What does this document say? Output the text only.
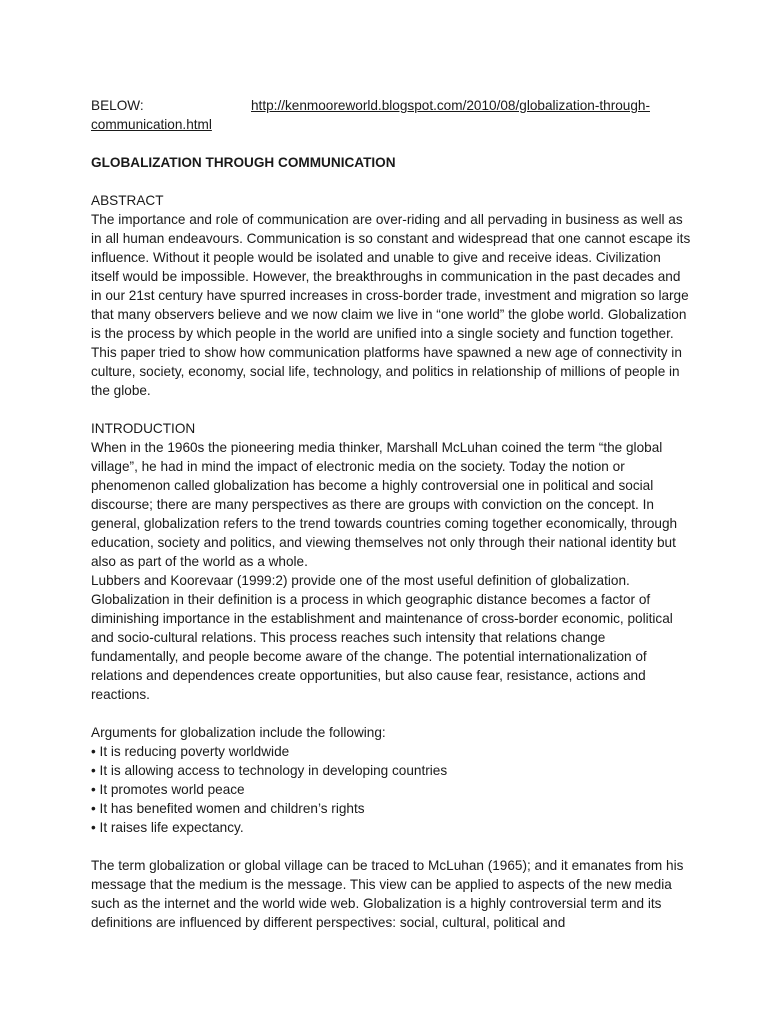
BELOW:	http://kenmooreworld.blogspot.com/2010/08/globalization-through-communication.html

GLOBALIZATION THROUGH COMMUNICATION

ABSTRACT

The importance and role of communication are over-riding and all pervading in business as well as in all human endeavours. Communication is so constant and widespread that one cannot escape its influence. Without it people would be isolated and unable to give and receive ideas. Civilization itself would be impossible. However, the breakthroughs in communication in the past decades and in our 21st century have spurred increases in cross-border trade, investment and migration so large that many observers believe and we now claim we live in “one world” the globe world. Globalization is the process by which people in the world are unified into a single society and function together. This paper tried to show how communication platforms have spawned a new age of connectivity in culture, society, economy, social life, technology, and politics in relationship of millions of people in the globe.

INTRODUCTION

When in the 1960s the pioneering media thinker, Marshall McLuhan coined the term “the global village”, he had in mind the impact of electronic media on the society. Today the notion or phenomenon called globalization has become a highly controversial one in political and social discourse; there are many perspectives as there are groups with conviction on the concept. In general, globalization refers to the trend towards countries coming together economically, through education, society and politics, and viewing themselves not only through their national identity but also as part of the world as a whole.

Lubbers and Koorevaar (1999:2) provide one of the most useful definition of globalization. Globalization in their definition is a process in which geographic distance becomes a factor of diminishing importance in the establishment and maintenance of cross-border economic, political and socio-cultural relations. This process reaches such intensity that relations change fundamentally, and people become aware of the change. The potential internationalization of relations and dependences create opportunities, but also cause fear, resistance, actions and reactions.

Arguments for globalization include the following:

• It is reducing poverty worldwide
• It is allowing access to technology in developing countries
• It promotes world peace
• It has benefited women and children’s rights
• It raises life expectancy.

The term globalization or global village can be traced to McLuhan (1965); and it emanates from his message that the medium is the message. This view can be applied to aspects of the new media such as the internet and the world wide web. Globalization is a highly controversial term and its definitions are influenced by different perspectives: social, cultural, political and
